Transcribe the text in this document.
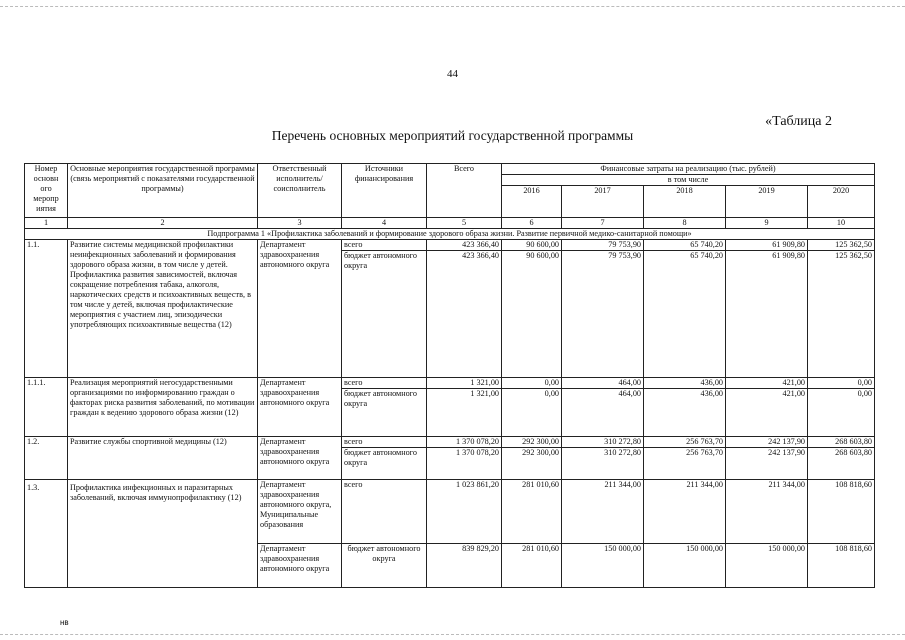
44
«Таблица 2
Перечень основных мероприятий государственной программы
Номер основн ого меропр иятия	Основные мероприятия государственной программы (связь мероприятий с показателями государственной программы)	Ответственный исполнитель/ соисполнитель	Источники финансирования	Всего	Финансовые затраты на реализацию (тыс. рублей)				
					в том числе				
					2016	2017	2018	2019	2020
1	2	3	4	5	6	7	8	9	10
Подпрограмма 1 «Профилактика заболеваний и формирование здорового образа жизни. Развитие первичной медико-санитарной помощи»									
1.1.	Развитие системы медицинской профилактики неинфекционных заболеваний и формирования здорового образа жизни, в том числе у детей. Профилактика развития зависимостей, включая сокращение потребления табака, алкоголя, наркотических средств и психоактивных веществ, в том числе у детей, включая профилактические мероприятия с участием лиц, эпизодически употребляющих психоактивные вещества (12)	Департамент здравоохранения автономного округа	всего	423 366,40	90 600,00	79 753,90	65 740,20	61 909,80	125 362,50
			бюджет автономного округа	423 366,40	90 600,00	79 753,90	65 740,20	61 909,80	125 362,50
1.1.1.	Реализация мероприятий негосударственными организациями по информированию граждан о факторах риска развития заболеваний, по мотивации граждан к ведению здорового образа жизни (12)	Департамент здравоохранения автономного округа	всего	1 321,00	0,00	464,00	436,00	421,00	0,00
			бюджет автономного округа	1 321,00	0,00	464,00	436,00	421,00	0,00
1.2.	Развитие службы спортивной медицины (12)	Департамент здравоохранения автономного округа	всего	1 370 078,20	292 300,00	310 272,80	256 763,70	242 137,90	268 603,80
			бюджет автономного округа	1 370 078,20	292 300,00	310 272,80	256 763,70	242 137,90	268 603,80
1.3.	Профилактика инфекционных и паразитарных заболеваний, включая иммунопрофилактику (12)	Департамент здравоохранения автономного округа, Муниципальные образования	всего	1 023 861,20	281 010,60	211 344,00	211 344,00	211 344,00	108 818,60
		Департамент здравоохранения автономного округа	бюджет автономного округа	839 829,20	281 010,60	150 000,00	150 000,00	150 000,00	108 818,60
нв
